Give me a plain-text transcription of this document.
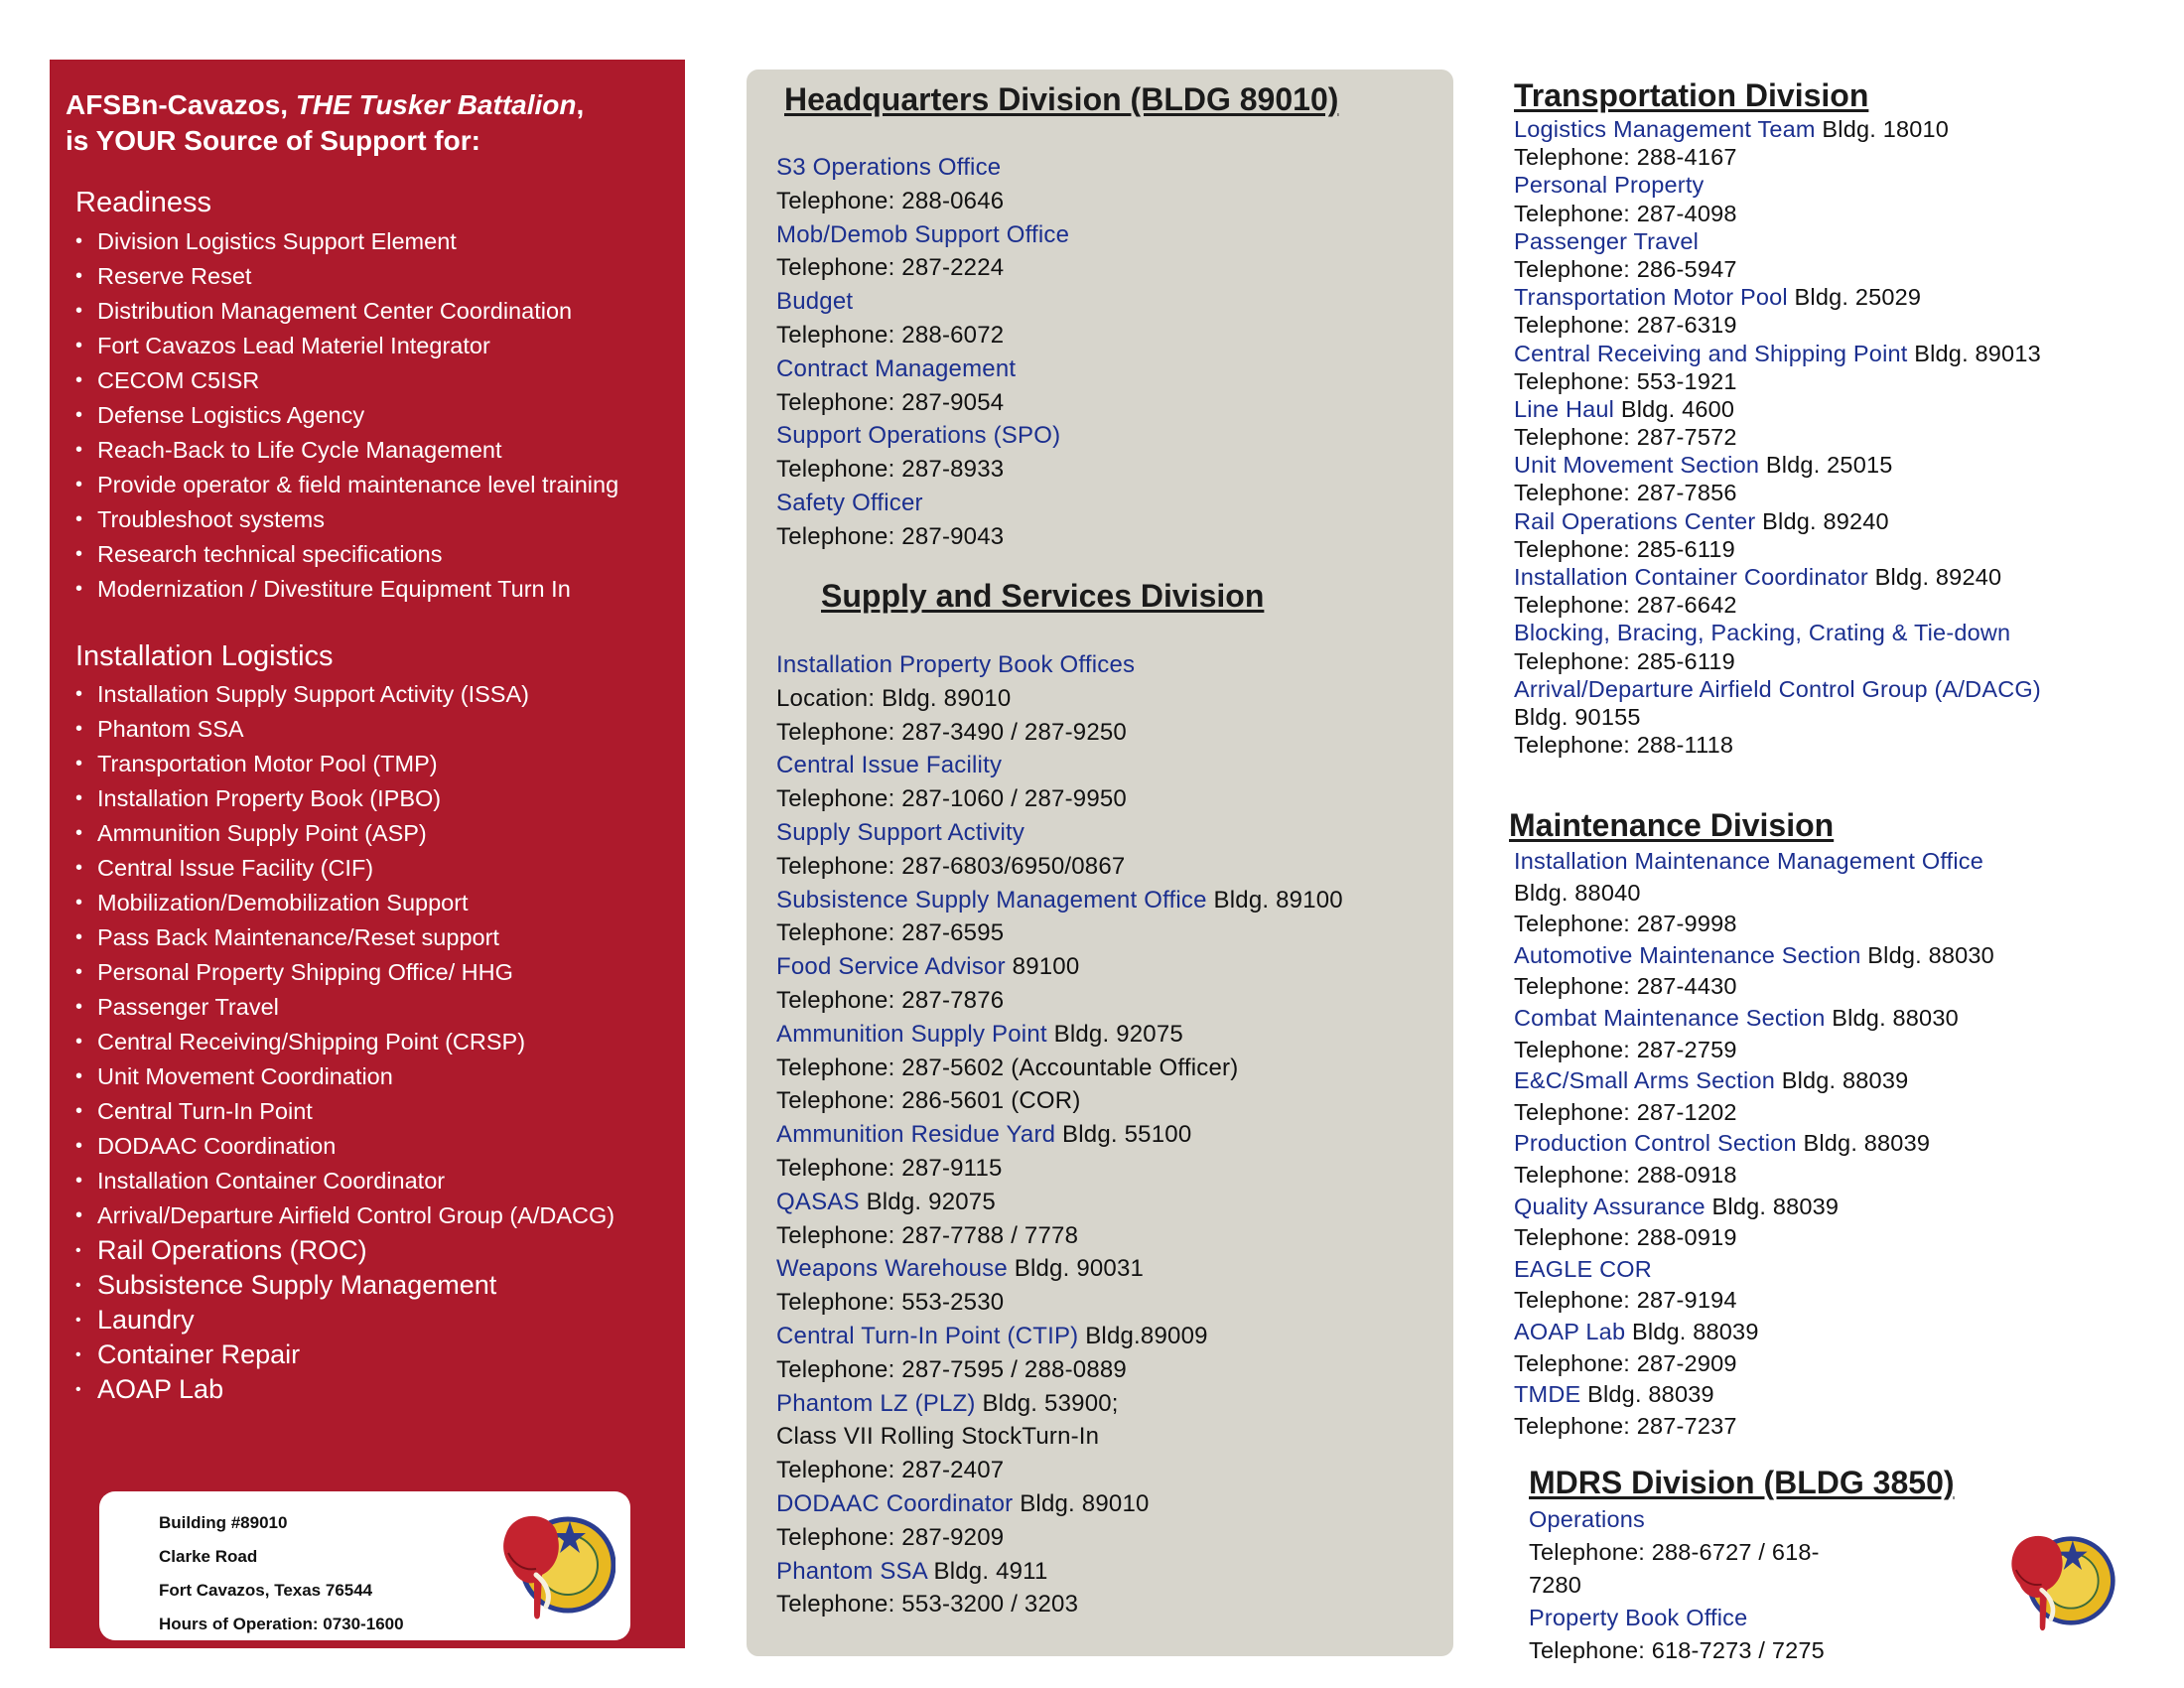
AFSBn-Cavazos, THE Tusker Battalion,
is YOUR Source of Support for:
Readiness
• Division Logistics Support Element
• Reserve Reset
• Distribution Management Center Coordination
• Fort Cavazos Lead Materiel Integrator
• CECOM C5ISR
• Defense Logistics Agency
• Reach-Back to Life Cycle Management
• Provide operator & field maintenance level training
• Troubleshoot systems
• Research technical specifications
• Modernization / Divestiture Equipment Turn In
Installation Logistics
• Installation Supply Support Activity (ISSA)
• Phantom SSA
• Transportation Motor Pool (TMP)
• Installation Property Book (IPBO)
• Ammunition Supply Point (ASP)
• Central Issue Facility (CIF)
• Mobilization/Demobilization Support
• Pass Back Maintenance/Reset support
• Personal Property Shipping Office/ HHG
• Passenger Travel
• Central Receiving/Shipping Point (CRSP)
• Unit Movement Coordination
• Central Turn-In Point
• DODAAC Coordination
• Installation Container Coordinator
• Arrival/Departure Airfield Control Group (A/DACG)
• Rail Operations (ROC)
• Subsistence Supply Management
• Laundry
• Container Repair
• AOAP Lab
Building #89010
Clarke Road
Fort Cavazos, Texas 76544
Hours of Operation: 0730-1600
Headquarters Division (BLDG 89010)
S3 Operations Office
Telephone: 288-0646
Mob/Demob Support Office
Telephone: 287-2224
Budget
Telephone: 288-6072
Contract Management
Telephone: 287-9054
Support Operations (SPO)
Telephone: 287-8933
Safety Officer
Telephone: 287-9043
Supply and Services Division
Installation Property Book Offices
Location: Bldg. 89010
Telephone: 287-3490 / 287-9250
Central Issue Facility
Telephone: 287-1060 / 287-9950
Supply Support Activity
Telephone: 287-6803/6950/0867
Subsistence Supply Management Office Bldg. 89100
Telephone: 287-6595
Food Service Advisor 89100
Telephone: 287-7876
Ammunition Supply Point Bldg. 92075
Telephone: 287-5602 (Accountable Officer)
Telephone: 286-5601 (COR)
Ammunition Residue Yard Bldg. 55100
Telephone: 287-9115
QASAS Bldg. 92075
Telephone: 287-7788 / 7778
Weapons Warehouse Bldg. 90031
Telephone: 553-2530
Central Turn-In Point (CTIP) Bldg.89009
Telephone: 287-7595 / 288-0889
Phantom LZ (PLZ) Bldg. 53900;
Class VII Rolling StockTurn-In
Telephone: 287-2407
DODAAC Coordinator Bldg. 89010
Telephone: 287-9209
Phantom SSA Bldg. 4911
Telephone: 553-3200 / 3203
Transportation Division
Logistics Management Team Bldg. 18010
Telephone: 288-4167
Personal Property
Telephone: 287-4098
Passenger Travel
Telephone: 286-5947
Transportation Motor Pool Bldg. 25029
Telephone: 287-6319
Central Receiving and Shipping Point Bldg. 89013
Telephone: 553-1921
Line Haul Bldg. 4600
Telephone: 287-7572
Unit Movement Section Bldg. 25015
Telephone: 287-7856
Rail Operations Center Bldg. 89240
Telephone: 285-6119
Installation Container Coordinator Bldg. 89240
Telephone: 287-6642
Blocking, Bracing, Packing, Crating & Tie-down
Telephone: 285-6119
Arrival/Departure Airfield Control Group (A/DACG)
Bldg. 90155
Telephone: 288-1118
Maintenance Division
Installation Maintenance Management Office
Bldg. 88040
Telephone: 287-9998
Automotive Maintenance Section Bldg. 88030
Telephone: 287-4430
Combat Maintenance Section Bldg. 88030
Telephone: 287-2759
E&C/Small Arms Section Bldg. 88039
Telephone: 287-1202
Production Control Section Bldg. 88039
Telephone: 288-0918
Quality Assurance Bldg. 88039
Telephone: 288-0919
EAGLE COR
Telephone: 287-9194
AOAP Lab Bldg. 88039
Telephone: 287-2909
TMDE Bldg. 88039
Telephone: 287-7237
MDRS Division (BLDG 3850)
Operations
Telephone: 288-6727 / 618-
7280
Property Book Office
Telephone: 618-7273 / 7275
